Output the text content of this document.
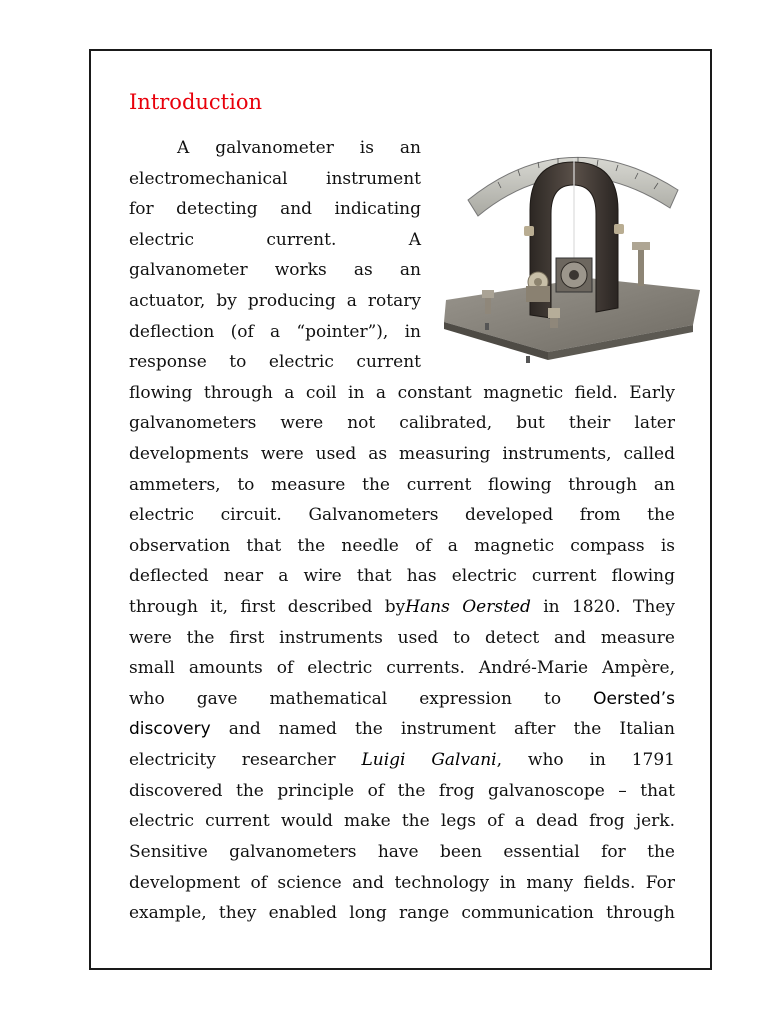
Introduction
A galvanometer is an
electromechanical instrument
for detecting and indicating
electric current. A
galvanometer works as an
actuator, by producing a rotary
deflection (of a “pointer”), in
response to electric current
flowing through a coil in a constant magnetic field. Early
galvanometers were not calibrated, but their later
developments were used as measuring instruments, called
ammeters, to measure the current flowing through an
electric circuit. Galvanometers developed from the
observation that the needle of a magnetic compass is
deflected near a wire that has electric current flowing
through it, first described byHans Oersted in 1820. They
were the first instruments used to detect and measure
small amounts of electric currents. André-Marie Ampère,
who gave mathematical expression to Oersted’s
discovery and named the instrument after the Italian
electricity researcher Luigi Galvani, who in 1791
discovered the principle of the frog galvanoscope – that
electric current would make the legs of a dead frog jerk.
Sensitive galvanometers have been essential for the
development of science and technology in many fields. For
example, they enabled long range communication through
